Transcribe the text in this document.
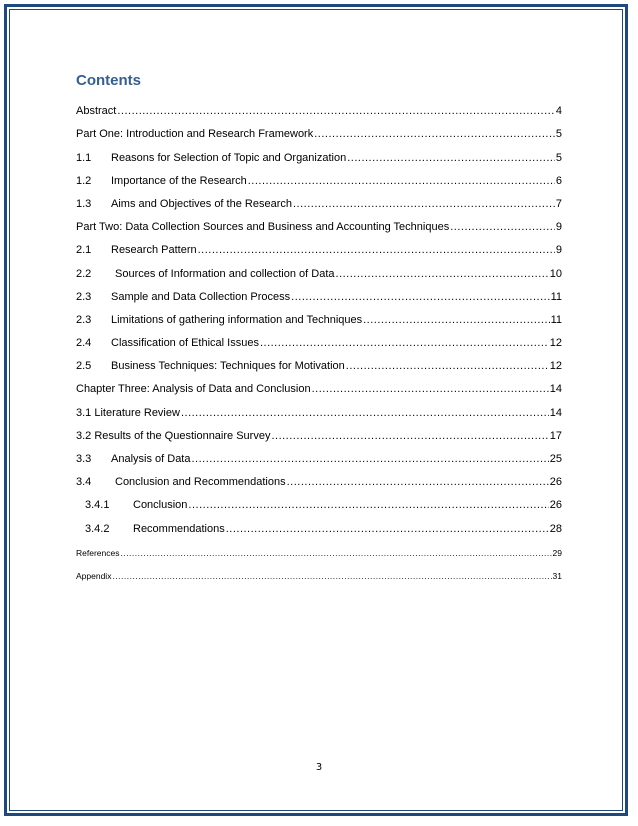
Contents
Abstract .....	4
Part One: Introduction and Research Framework .....	5
1.1	Reasons for Selection of Topic and Organization .....	5
1.2	Importance of the Research .....	6
1.3	Aims and Objectives of the Research .....	7
Part Two: Data Collection Sources and Business and Accounting Techniques .....	9
2.1	Research Pattern .....	9
2.2	Sources of Information and collection of Data .....	10
2.3	Sample and Data Collection Process .....	11
2.3	Limitations of gathering information and Techniques .....	11
2.4	Classification of Ethical Issues .....	12
2.5	Business Techniques: Techniques for Motivation .....	12
Chapter Three: Analysis of Data and Conclusion .....	14
3.1 Literature Review .....	14
3.2 Results of the Questionnaire Survey .....	17
3.3	Analysis of Data .....	25
3.4	Conclusion and Recommendations .....	26
3.4.1	Conclusion .....	26
3.4.2	Recommendations .....	28
References .....	29
Appendix .....	31
3
